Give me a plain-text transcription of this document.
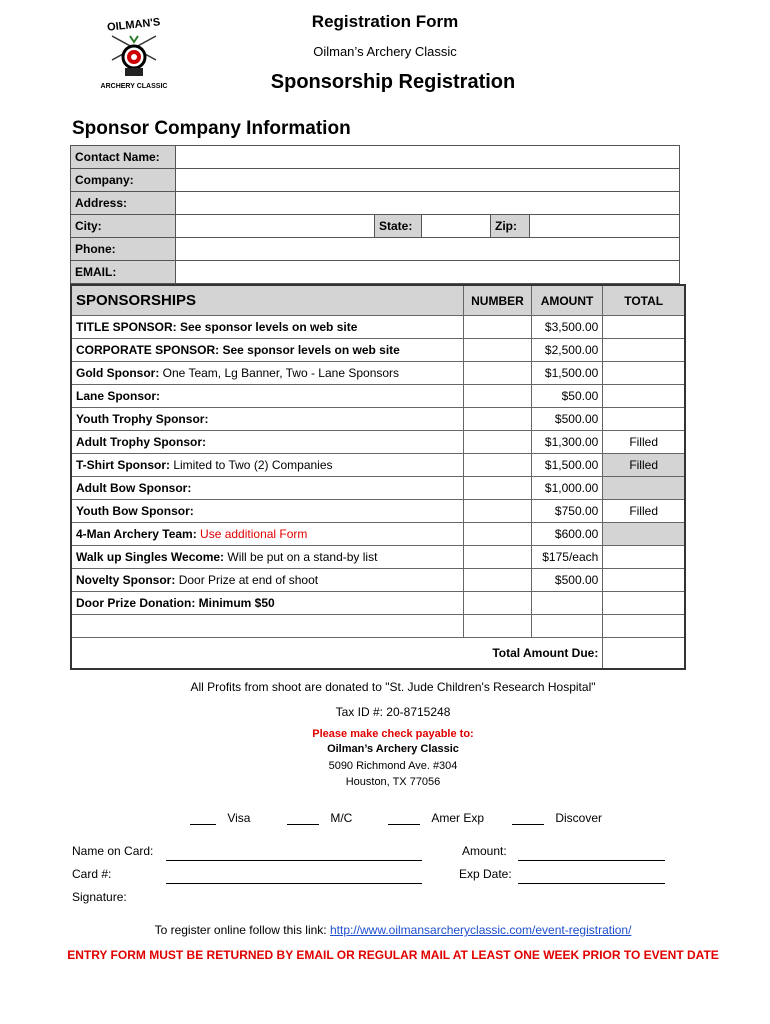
OILMAN'S
ARCHERY CLASSIC
Registration Form
Oilman’s Archery Classic
Sponsorship Registration
Sponsor Company Information
Contact Name:					
Company:					
Address:					
City:		State:		Zip:	
Phone:					
EMAIL:					
SPONSORSHIPS	NUMBER	AMOUNT	TOTAL
TITLE SPONSOR: See sponsor levels on web site		$3,500.00	
CORPORATE SPONSOR: See sponsor levels on web site		$2,500.00	
Gold Sponsor: One Team, Lg Banner, Two - Lane Sponsors		$1,500.00	
Lane Sponsor:		$50.00	
Youth Trophy Sponsor:		$500.00	
Adult Trophy Sponsor:		$1,300.00	Filled
T-Shirt Sponsor: Limited to Two (2) Companies		$1,500.00	Filled
Adult Bow Sponsor:		$1,000.00	
Youth Bow Sponsor:		$750.00	Filled
4-Man Archery Team: Use additional Form		$600.00	
Walk up Singles Wecome: Will be put on a stand-by list		$175/each	
Novelty Sponsor: Door Prize at end of shoot		$500.00	
Door Prize Donation: Minimum $50			

Total Amount Due:			
All Profits from shoot are donated to "St. Jude Children's Research Hospital"
Tax ID #: 20-8715248
Please make check payable to:
Oilman’s Archery Classic
5090 Richmond Ave. #304
Houston, TX 77056
Visa	M/C	Amer Exp	Discover
Name on Card:
Card #:
Signature:
Amount:
Exp Date:
To register online follow this link: http://www.oilmansarcheryclassic.com/event-registration/
ENTRY FORM MUST BE RETURNED BY EMAIL OR REGULAR MAIL AT LEAST ONE WEEK PRIOR TO EVENT DATE
